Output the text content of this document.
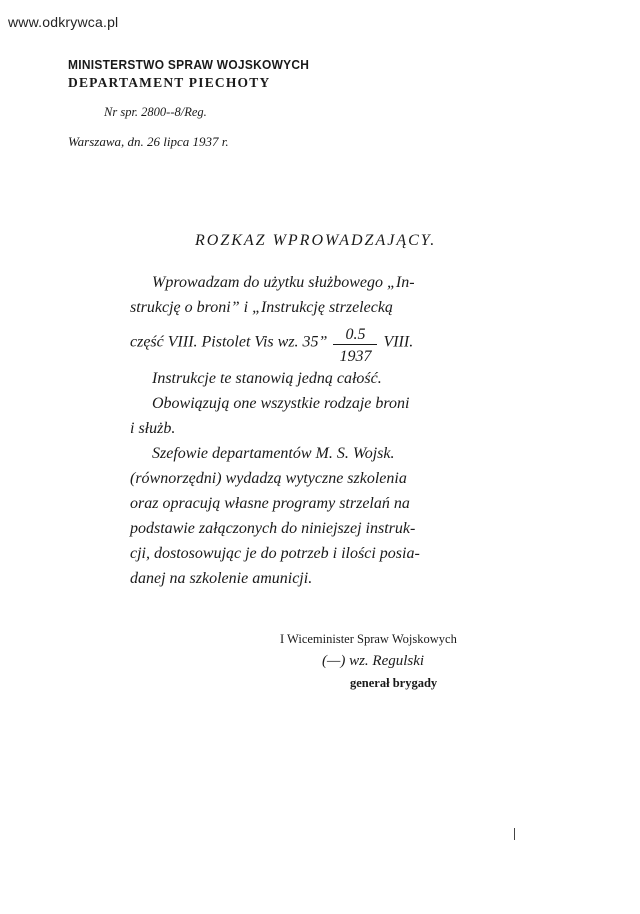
www.odkrywca.pl
MINISTERSTWO SPRAW WOJSKOWYCH
DEPARTAMENT PIECHOTY
Nr spr. 2800--8/Reg.
Warszawa, dn. 26 lipca 1937 r.
ROZKAZ WPROWADZAJĄCY.
Wprowadzam do użytku służbowego „In-
strukcję o broni” i „Instrukcję strzelecką
część VIII. Pistolet Vis wz. 35” $\frac{0.5}{1937}$ VIII.
Instrukcje te stanowią jedną całość.
Obowiązują one wszystkie rodzaje broni
i służb.
Szefowie departamentów M. S. Wojsk.
(równorzędni) wydadzą wytyczne szkolenia
oraz opracują własne programy strzelań na
podstawie załączonych do niniejszej instruk-
cji, dostosowując je do potrzeb i ilości posia-
danej na szkolenie amunicji.
I Wiceminister Spraw Wojskowych
(—) wz. Regulski
generał brygady
